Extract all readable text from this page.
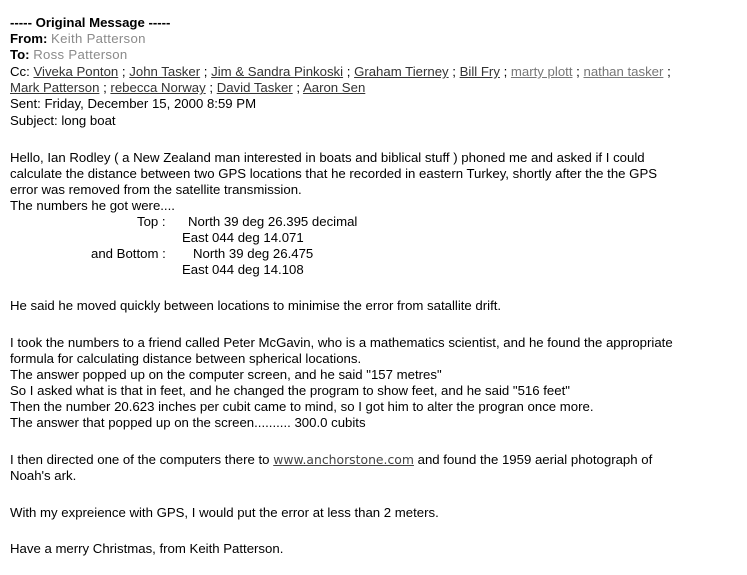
----- Original Message -----
From: Keith Patterson
To: Ross Patterson
Cc: Viveka Ponton ; John Tasker ; Jim & Sandra Pinkoski ; Graham Tierney ; Bill Fry ; marty plott ; nathan tasker ;
Mark Patterson ; rebecca Norway ; David Tasker ; Aaron Sen
Sent: Friday, December 15, 2000 8:59 PM
Subject: long boat
Hello, Ian Rodley ( a New Zealand man interested in boats and biblical stuff ) phoned me and asked if I could
calculate the distance between two GPS locations that he recorded in eastern Turkey, shortly after the the GPS
error was removed from the satellite transmission.
The numbers he got were....
Top : North 39 deg 26.395 decimal
East 044 deg 14.071
and Bottom : North 39 deg 26.475
East 044 deg 14.108
He said he moved quickly between locations to minimise the error from satallite drift.
I took the numbers to a friend called Peter McGavin, who is a mathematics scientist, and he found the appropriate
formula for calculating distance between spherical locations.
The answer popped up on the computer screen, and he said "157 metres"
So I asked what is that in feet, and he changed the program to show feet, and he said "516 feet"
Then the number 20.623 inches per cubit came to mind, so I got him to alter the progran once more.
The answer that popped up on the screen.......... 300.0 cubits
I then directed one of the computers there to www.anchorstone.com and found the 1959 aerial photograph of
Noah's ark.
With my expreience with GPS, I would put the error at less than 2 meters.
Have a merry Christmas, from Keith Patterson.
